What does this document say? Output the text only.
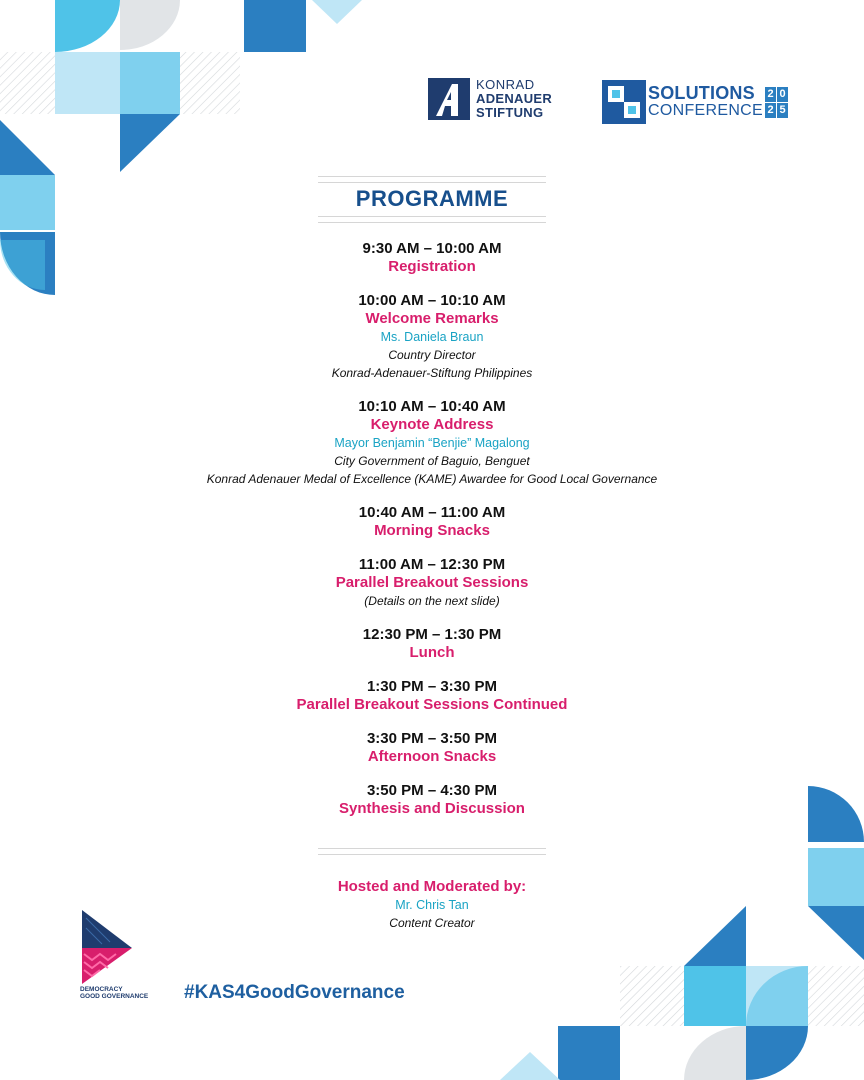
KONRAD
ADENAUER
STIFTUNG
SOLUTIONS
CONFERENCE
2 0
2 5
PROGRAMME
9:30 AM – 10:00 AM
Registration
10:00 AM – 10:10 AM
Welcome Remarks
Ms. Daniela Braun
Country Director
Konrad-Adenauer-Stiftung Philippines
10:10 AM – 10:40 AM
Keynote Address
Mayor Benjamin “Benjie” Magalong
City Government of Baguio, Benguet
Konrad Adenauer Medal of Excellence (KAME) Awardee for Good Local Governance
10:40 AM – 11:00 AM
Morning Snacks
11:00 AM – 12:30 PM
Parallel Breakout Sessions
(Details on the next slide)
12:30 PM – 1:30 PM
Lunch
1:30 PM – 3:30 PM
Parallel Breakout Sessions Continued
3:30 PM – 3:50 PM
Afternoon Snacks
3:50 PM – 4:30 PM
Synthesis and Discussion
Hosted and Moderated by:
Mr. Chris Tan
Content Creator
DEMOCRACY
GOOD GOVERNANCE #KAS4GoodGovernance
